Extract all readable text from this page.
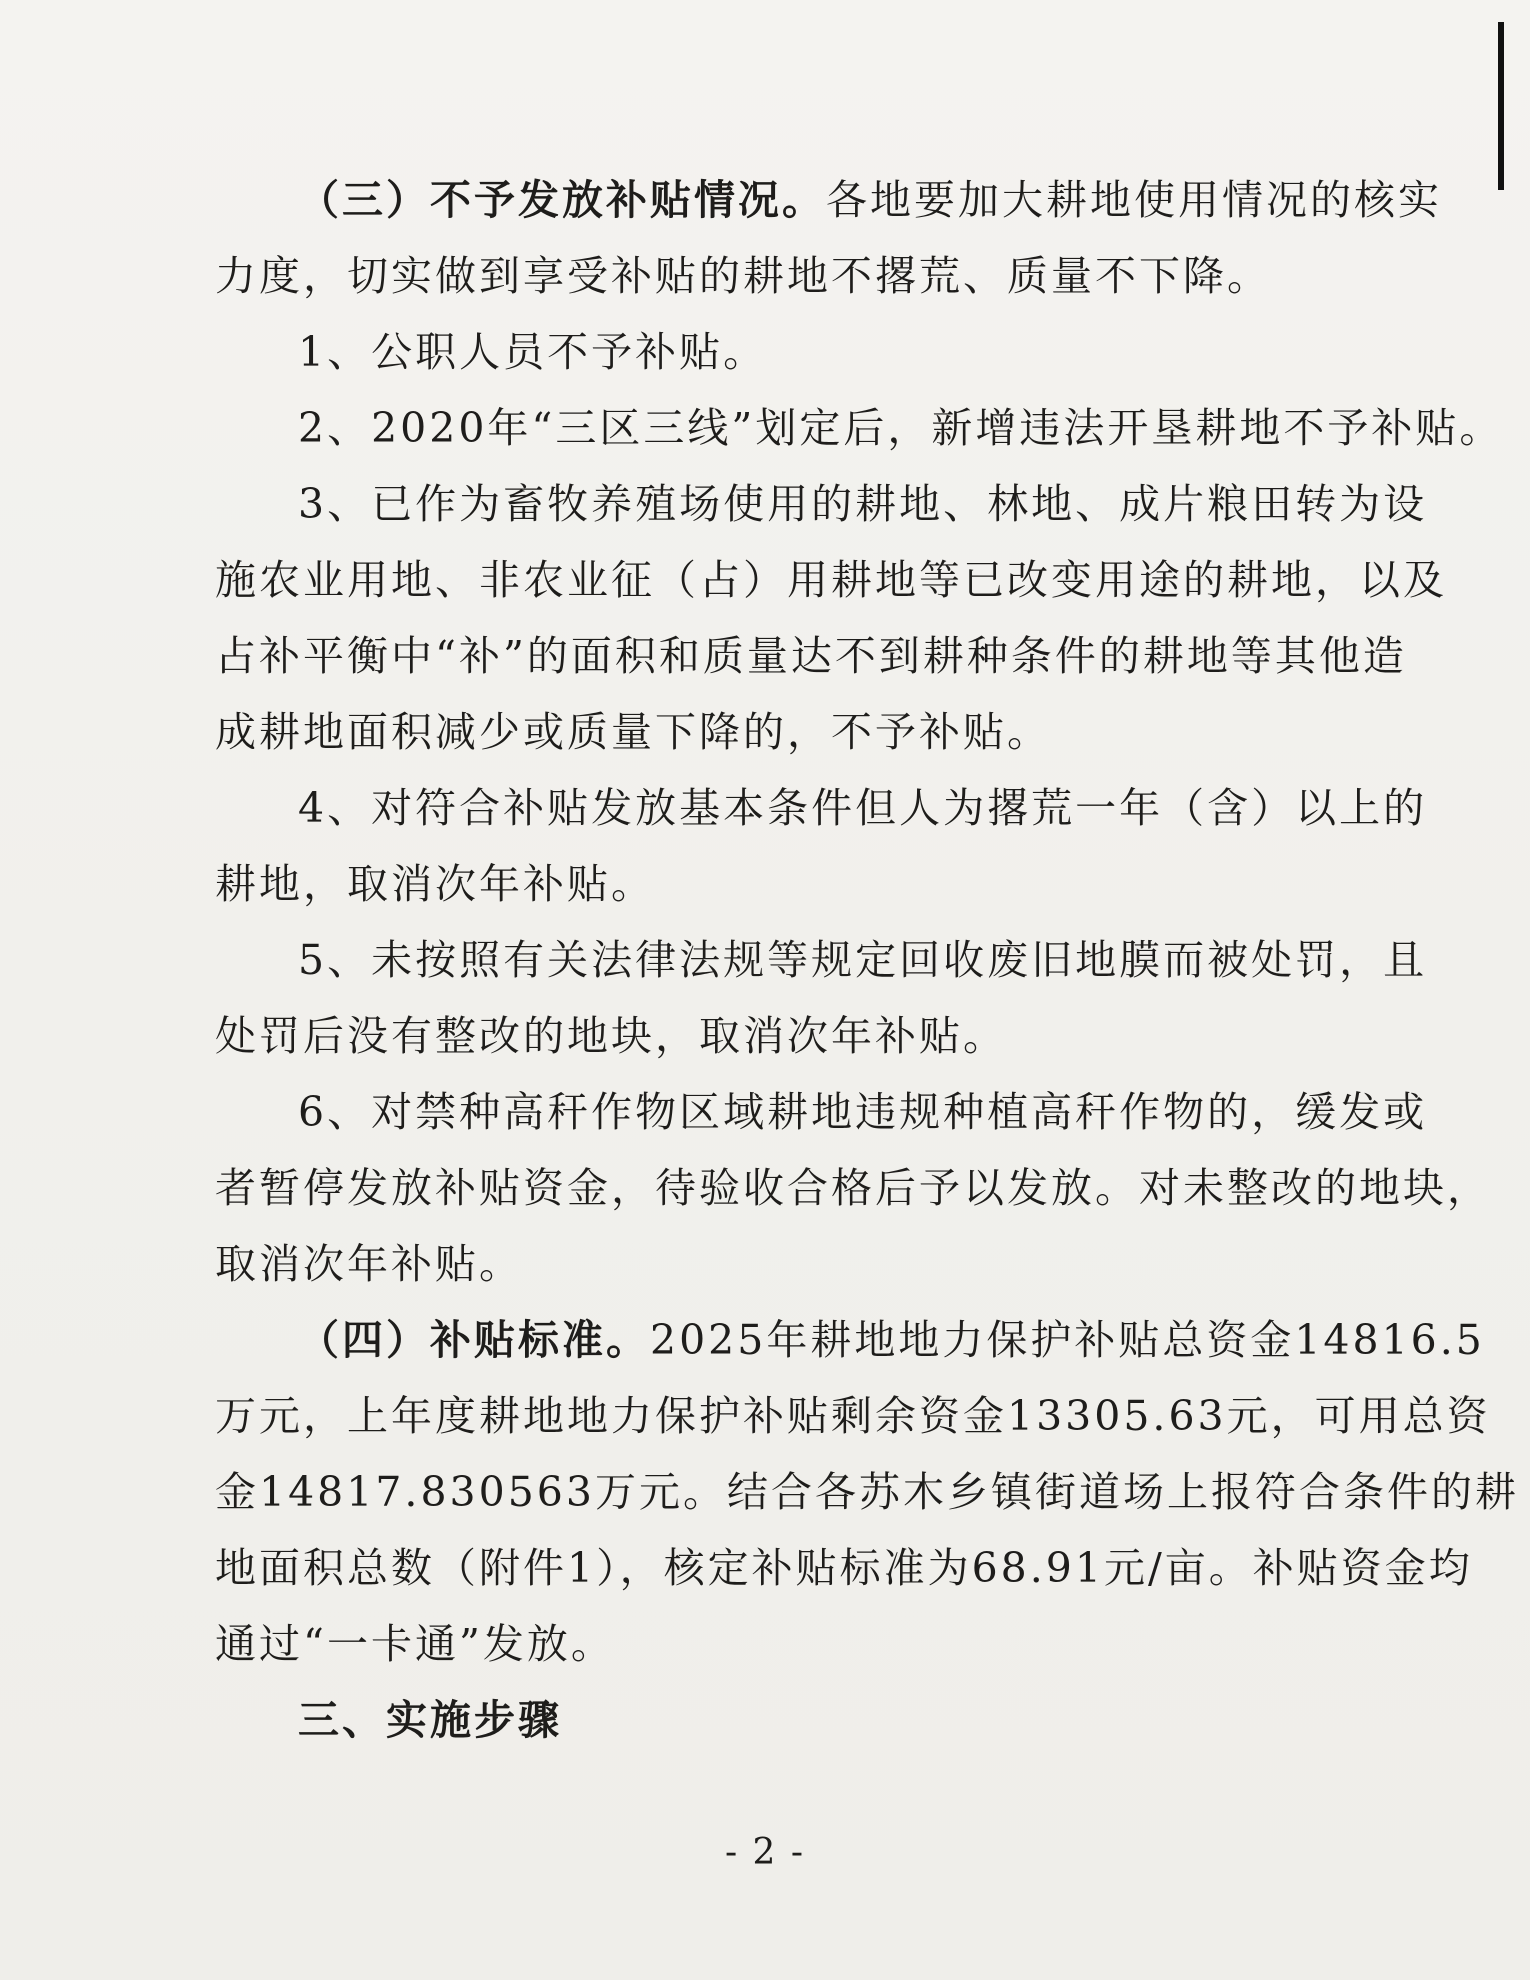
（三）不予发放补贴情况。各地要加大耕地使用情况的核实
力度，切实做到享受补贴的耕地不撂荒、质量不下降。
1、公职人员不予补贴。
2、2020年“三区三线”划定后，新增违法开垦耕地不予补贴。
3、已作为畜牧养殖场使用的耕地、林地、成片粮田转为设
施农业用地、非农业征（占）用耕地等已改变用途的耕地，以及
占补平衡中“补”的面积和质量达不到耕种条件的耕地等其他造
成耕地面积减少或质量下降的，不予补贴。
4、对符合补贴发放基本条件但人为撂荒一年（含）以上的
耕地，取消次年补贴。
5、未按照有关法律法规等规定回收废旧地膜而被处罚，且
处罚后没有整改的地块，取消次年补贴。
6、对禁种高秆作物区域耕地违规种植高秆作物的，缓发或
者暂停发放补贴资金，待验收合格后予以发放。对未整改的地块，
取消次年补贴。
（四）补贴标准。2025年耕地地力保护补贴总资金14816.5
万元，上年度耕地地力保护补贴剩余资金13305.63元，可用总资
金14817.830563万元。结合各苏木乡镇街道场上报符合条件的耕
地面积总数（附件1），核定补贴标准为68.91元/亩。补贴资金均
通过“一卡通”发放。
三、实施步骤
- 2 -
